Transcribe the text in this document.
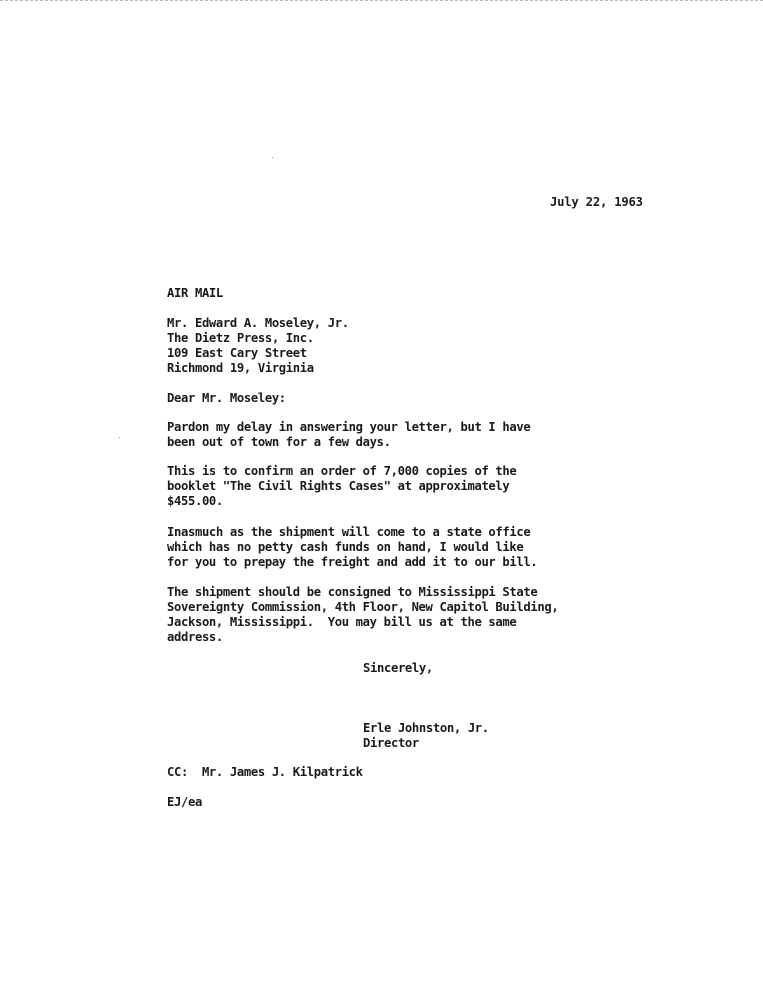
July 22, 1963
AIR MAIL
Mr. Edward A. Moseley, Jr.
The Dietz Press, Inc.
109 East Cary Street
Richmond 19, Virginia
Dear Mr. Moseley:
Pardon my delay in answering your letter, but I have
been out of town for a few days.
This is to confirm an order of 7,000 copies of the
booklet "The Civil Rights Cases" at approximately
$455.00.
Inasmuch as the shipment will come to a state office
which has no petty cash funds on hand, I would like
for you to prepay the freight and add it to our bill.
The shipment should be consigned to Mississippi State
Sovereignty Commission, 4th Floor, New Capitol Building,
Jackson, Mississippi.  You may bill us at the same
address.
Sincerely,
Erle Johnston, Jr.
Director
CC:  Mr. James J. Kilpatrick
EJ/ea
